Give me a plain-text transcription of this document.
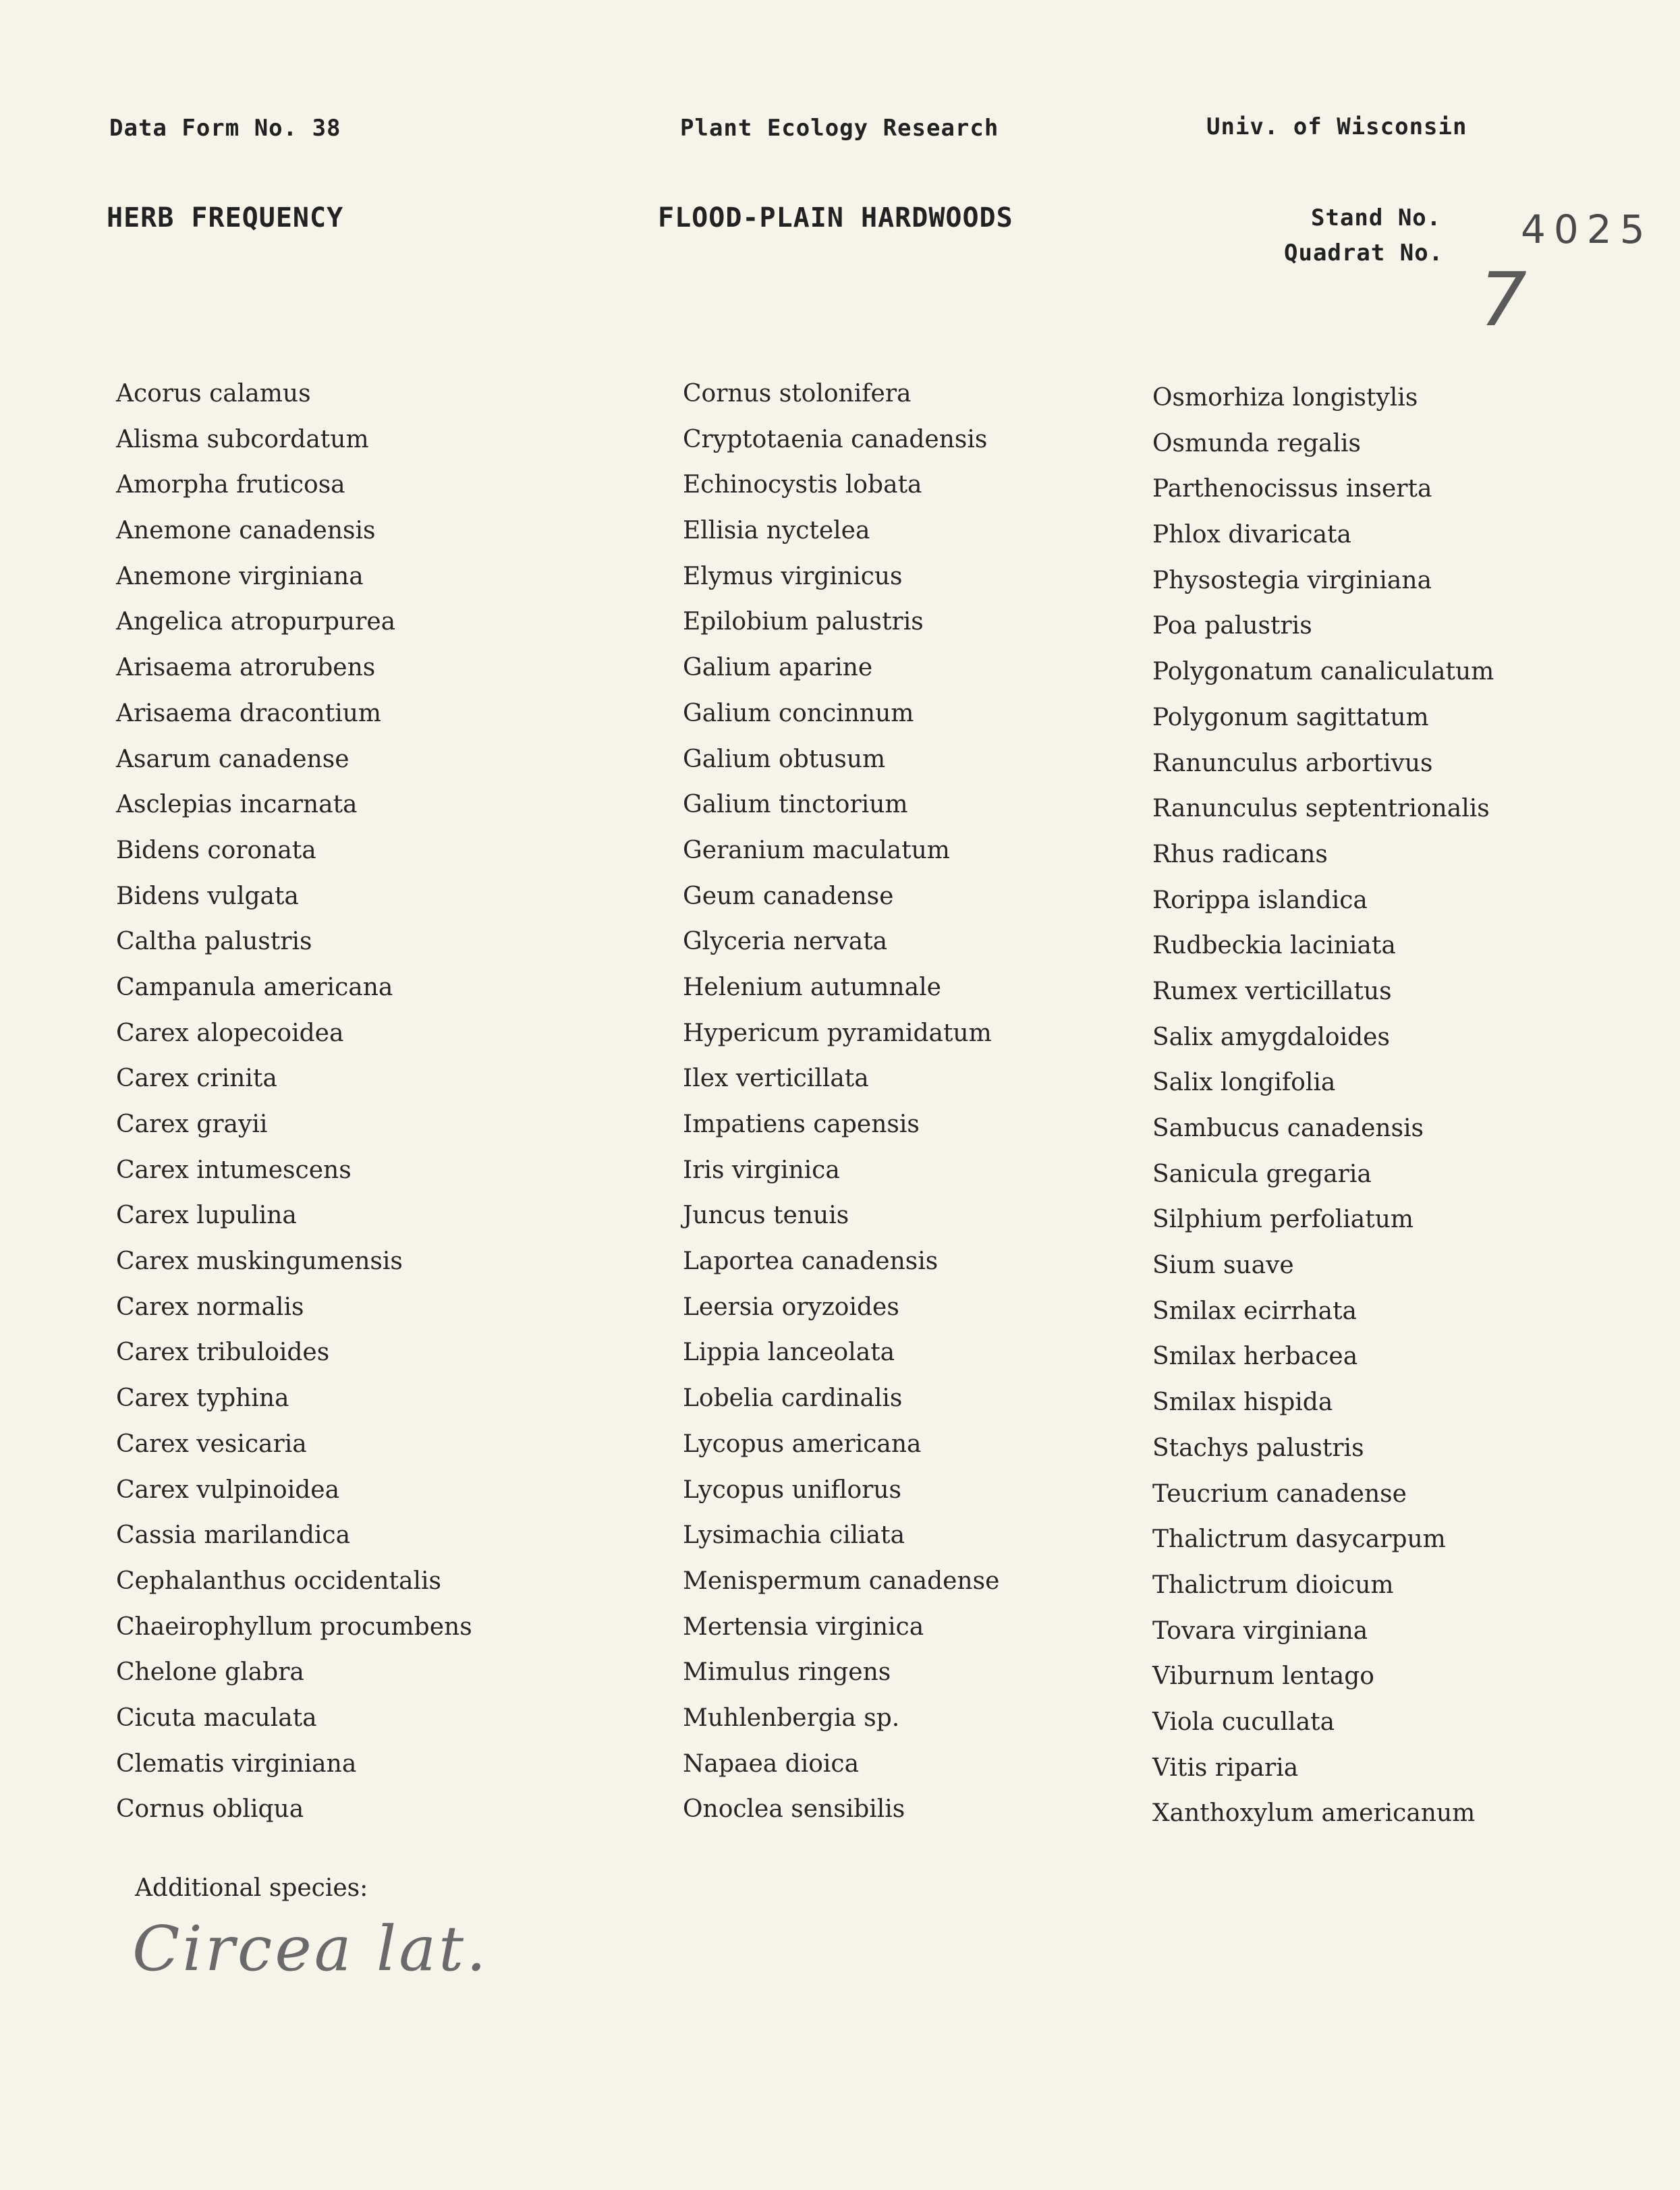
Data Form No. 38	Plant Ecology Research	Univ. of Wisconsin
HERB FREQUENCY	FLOOD-PLAIN HARDWOODS	Stand No.
Quadrat No.
4025
7
Acorus calamus
Alisma subcordatum
Amorpha fruticosa
Anemone canadensis
Anemone virginiana
Angelica atropurpurea
Arisaema atrorubens
Arisaema dracontium
Asarum canadense
Asclepias incarnata
Bidens coronata
Bidens vulgata
Caltha palustris
Campanula americana
Carex alopecoidea
Carex crinita
Carex grayii
Carex intumescens
Carex lupulina
Carex muskingumensis
Carex normalis
Carex tribuloides
Carex typhina
Carex vesicaria
Carex vulpinoidea
Cassia marilandica
Cephalanthus occidentalis
Chaeirophyllum procumbens
Chelone glabra
Cicuta maculata
Clematis virginiana
Cornus obliqua
Cornus stolonifera
Cryptotaenia canadensis
Echinocystis lobata
Ellisia nyctelea
Elymus virginicus
Epilobium palustris
Galium aparine
Galium concinnum
Galium obtusum
Galium tinctorium
Geranium maculatum
Geum canadense
Glyceria nervata
Helenium autumnale
Hypericum pyramidatum
Ilex verticillata
Impatiens capensis
Iris virginica
Juncus tenuis
Laportea canadensis
Leersia oryzoides
Lippia lanceolata
Lobelia cardinalis
Lycopus americana
Lycopus uniflorus
Lysimachia ciliata
Menispermum canadense
Mertensia virginica
Mimulus ringens
Muhlenbergia sp.
Napaea dioica
Onoclea sensibilis
Osmorhiza longistylis
Osmunda regalis
Parthenocissus inserta
Phlox divaricata
Physostegia virginiana
Poa palustris
Polygonatum canaliculatum
Polygonum sagittatum
Ranunculus arbortivus
Ranunculus septentrionalis
Rhus radicans
Rorippa islandica
Rudbeckia laciniata
Rumex verticillatus
Salix amygdaloides
Salix longifolia
Sambucus canadensis
Sanicula gregaria
Silphium perfoliatum
Sium suave
Smilax ecirrhata
Smilax herbacea
Smilax hispida
Stachys palustris
Teucrium canadense
Thalictrum dasycarpum
Thalictrum dioicum
Tovara virginiana
Viburnum lentago
Viola cucullata
Vitis riparia
Xanthoxylum americanum
Additional species:
Circea lat.
